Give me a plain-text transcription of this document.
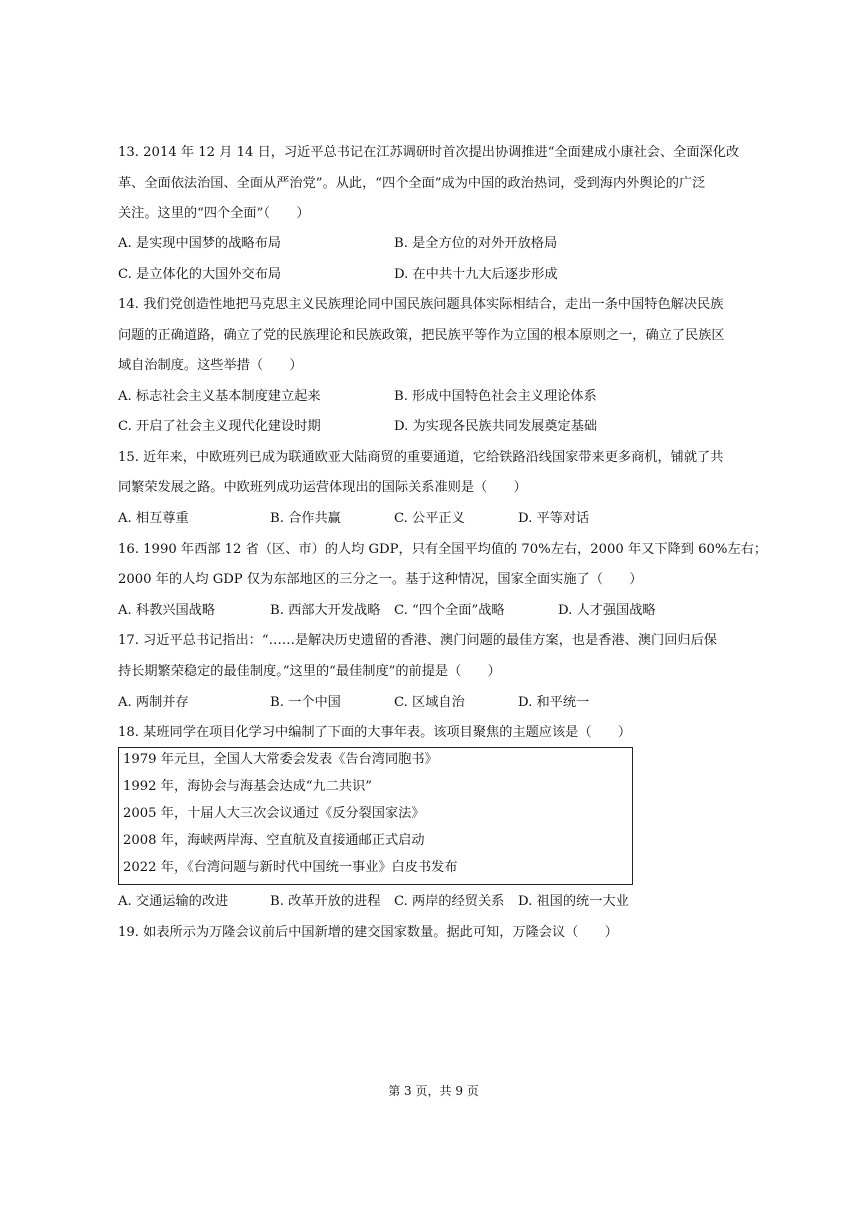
13. 2014 年 12 月 14 日，习近平总书记在江苏调研时首次提出协调推进“全面建成小康社会、全面深化改
革、全面依法治国、全面从严治党”。从此，“四个全面”成为中国的政治热词，受到海内外舆论的广泛
关注。这里的“四个全面”（　　）
A. 是实现中国梦的战略布局	B. 是全方位的对外开放格局
C. 是立体化的大国外交布局	D. 在中共十九大后逐步形成
14. 我们党创造性地把马克思主义民族理论同中国民族问题具体实际相结合，走出一条中国特色解决民族
问题的正确道路，确立了党的民族理论和民族政策，把民族平等作为立国的根本原则之一，确立了民族区
域自治制度。这些举措（　　）
A. 标志社会主义基本制度建立起来	B. 形成中国特色社会主义理论体系
C. 开启了社会主义现代化建设时期	D. 为实现各民族共同发展奠定基础
15. 近年来，中欧班列已成为联通欧亚大陆商贸的重要通道，它给铁路沿线国家带来更多商机，铺就了共
同繁荣发展之路。中欧班列成功运营体现出的国际关系准则是（　　）
A. 相互尊重	B. 合作共赢	C. 公平正义	D. 平等对话
16. 1990 年西部 12 省（区、市）的人均 GDP，只有全国平均值的 70%左右，2000 年又下降到 60%左右；
2000 年的人均 GDP 仅为东部地区的三分之一。基于这种情况，国家全面实施了（　　）
A. 科教兴国战略	B. 西部大开发战略 C. “四个全面”战略	D. 人才强国战略
17. 习近平总书记指出：“……是解决历史遗留的香港、澳门问题的最佳方案，也是香港、澳门回归后保
持长期繁荣稳定的最佳制度。”这里的“最佳制度”的前提是（　　）
A. 两制并存	B. 一个中国	C. 区域自治	D. 和平统一
18. 某班同学在项目化学习中编制了下面的大事年表。该项目聚焦的主题应该是（　　）
1979 年元旦，全国人大常委会发表《告台湾同胞书》
1992 年，海协会与海基会达成“九二共识”
2005 年，十届人大三次会议通过《反分裂国家法》
2008 年，海峡两岸海、空直航及直接通邮正式启动
2022 年，《台湾问题与新时代中国统一事业》白皮书发布
A. 交通运输的改进	B. 改革开放的进程 C. 两岸的经贸关系 D. 祖国的统一大业
19. 如表所示为万隆会议前后中国新增的建交国家数量。据此可知，万隆会议（　　）
第 3 页，共 9 页
